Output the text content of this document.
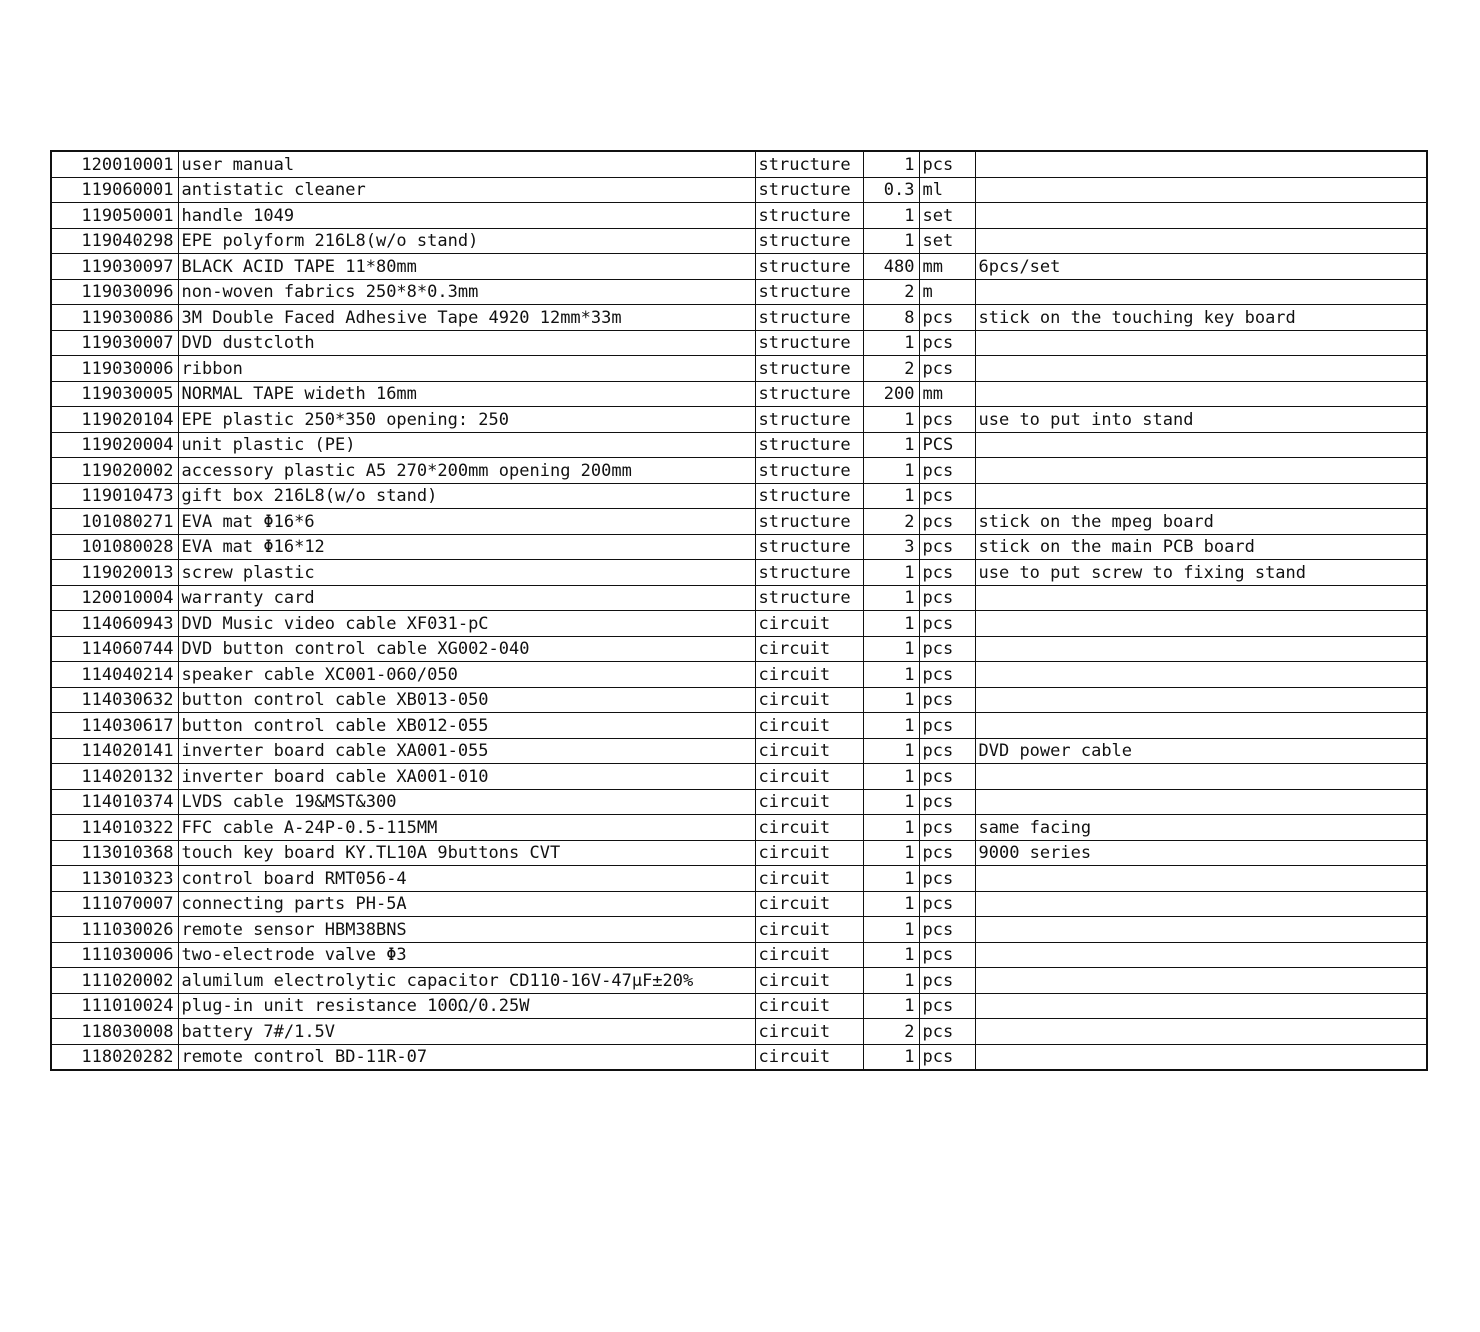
120010001	user manual	structure	1	pcs	
119060001	antistatic cleaner	structure	0.3	ml	
119050001	handle 1049	structure	1	set	
119040298	EPE polyform 216L8(w/o stand)	structure	1	set	
119030097	BLACK ACID TAPE 11*80mm	structure	480	mm	6pcs/set
119030096	non-woven fabrics 250*8*0.3mm	structure	2	m	
119030086	3M Double Faced Adhesive Tape 4920 12mm*33m	structure	8	pcs	stick on the touching key board
119030007	DVD dustcloth	structure	1	pcs	
119030006	ribbon	structure	2	pcs	
119030005	NORMAL TAPE wideth 16mm	structure	200	mm	
119020104	EPE plastic 250*350 opening: 250	structure	1	pcs	use to put into stand
119020004	unit plastic (PE)	structure	1	PCS	
119020002	accessory plastic A5 270*200mm opening 200mm	structure	1	pcs	
119010473	gift box 216L8(w/o stand)	structure	1	pcs	
101080271	EVA mat Φ16*6	structure	2	pcs	stick on the mpeg board
101080028	EVA mat Φ16*12	structure	3	pcs	stick on the main PCB board
119020013	screw plastic	structure	1	pcs	use to put screw to fixing stand
120010004	warranty card	structure	1	pcs	
114060943	DVD Music video cable XF031-pC	circuit	1	pcs	
114060744	DVD button control cable XG002-040	circuit	1	pcs	
114040214	speaker cable XC001-060/050	circuit	1	pcs	
114030632	button control cable XB013-050	circuit	1	pcs	
114030617	button control cable XB012-055	circuit	1	pcs	
114020141	inverter board cable XA001-055	circuit	1	pcs	DVD power cable
114020132	inverter board cable XA001-010	circuit	1	pcs	
114010374	LVDS cable 19&MST&300	circuit	1	pcs	
114010322	FFC cable A-24P-0.5-115MM	circuit	1	pcs	same facing
113010368	touch key board KY.TL10A 9buttons CVT	circuit	1	pcs	9000 series
113010323	control board RMT056-4	circuit	1	pcs	
111070007	connecting parts PH-5A	circuit	1	pcs	
111030026	remote sensor HBM38BNS	circuit	1	pcs	
111030006	two-electrode valve Φ3	circuit	1	pcs	
111020002	alumilum electrolytic capacitor CD110-16V-47μF±20%	circuit	1	pcs	
111010024	plug-in unit resistance 100Ω/0.25W	circuit	1	pcs	
118030008	battery 7#/1.5V	circuit	2	pcs	
118020282	remote control BD-11R-07	circuit	1	pcs	
